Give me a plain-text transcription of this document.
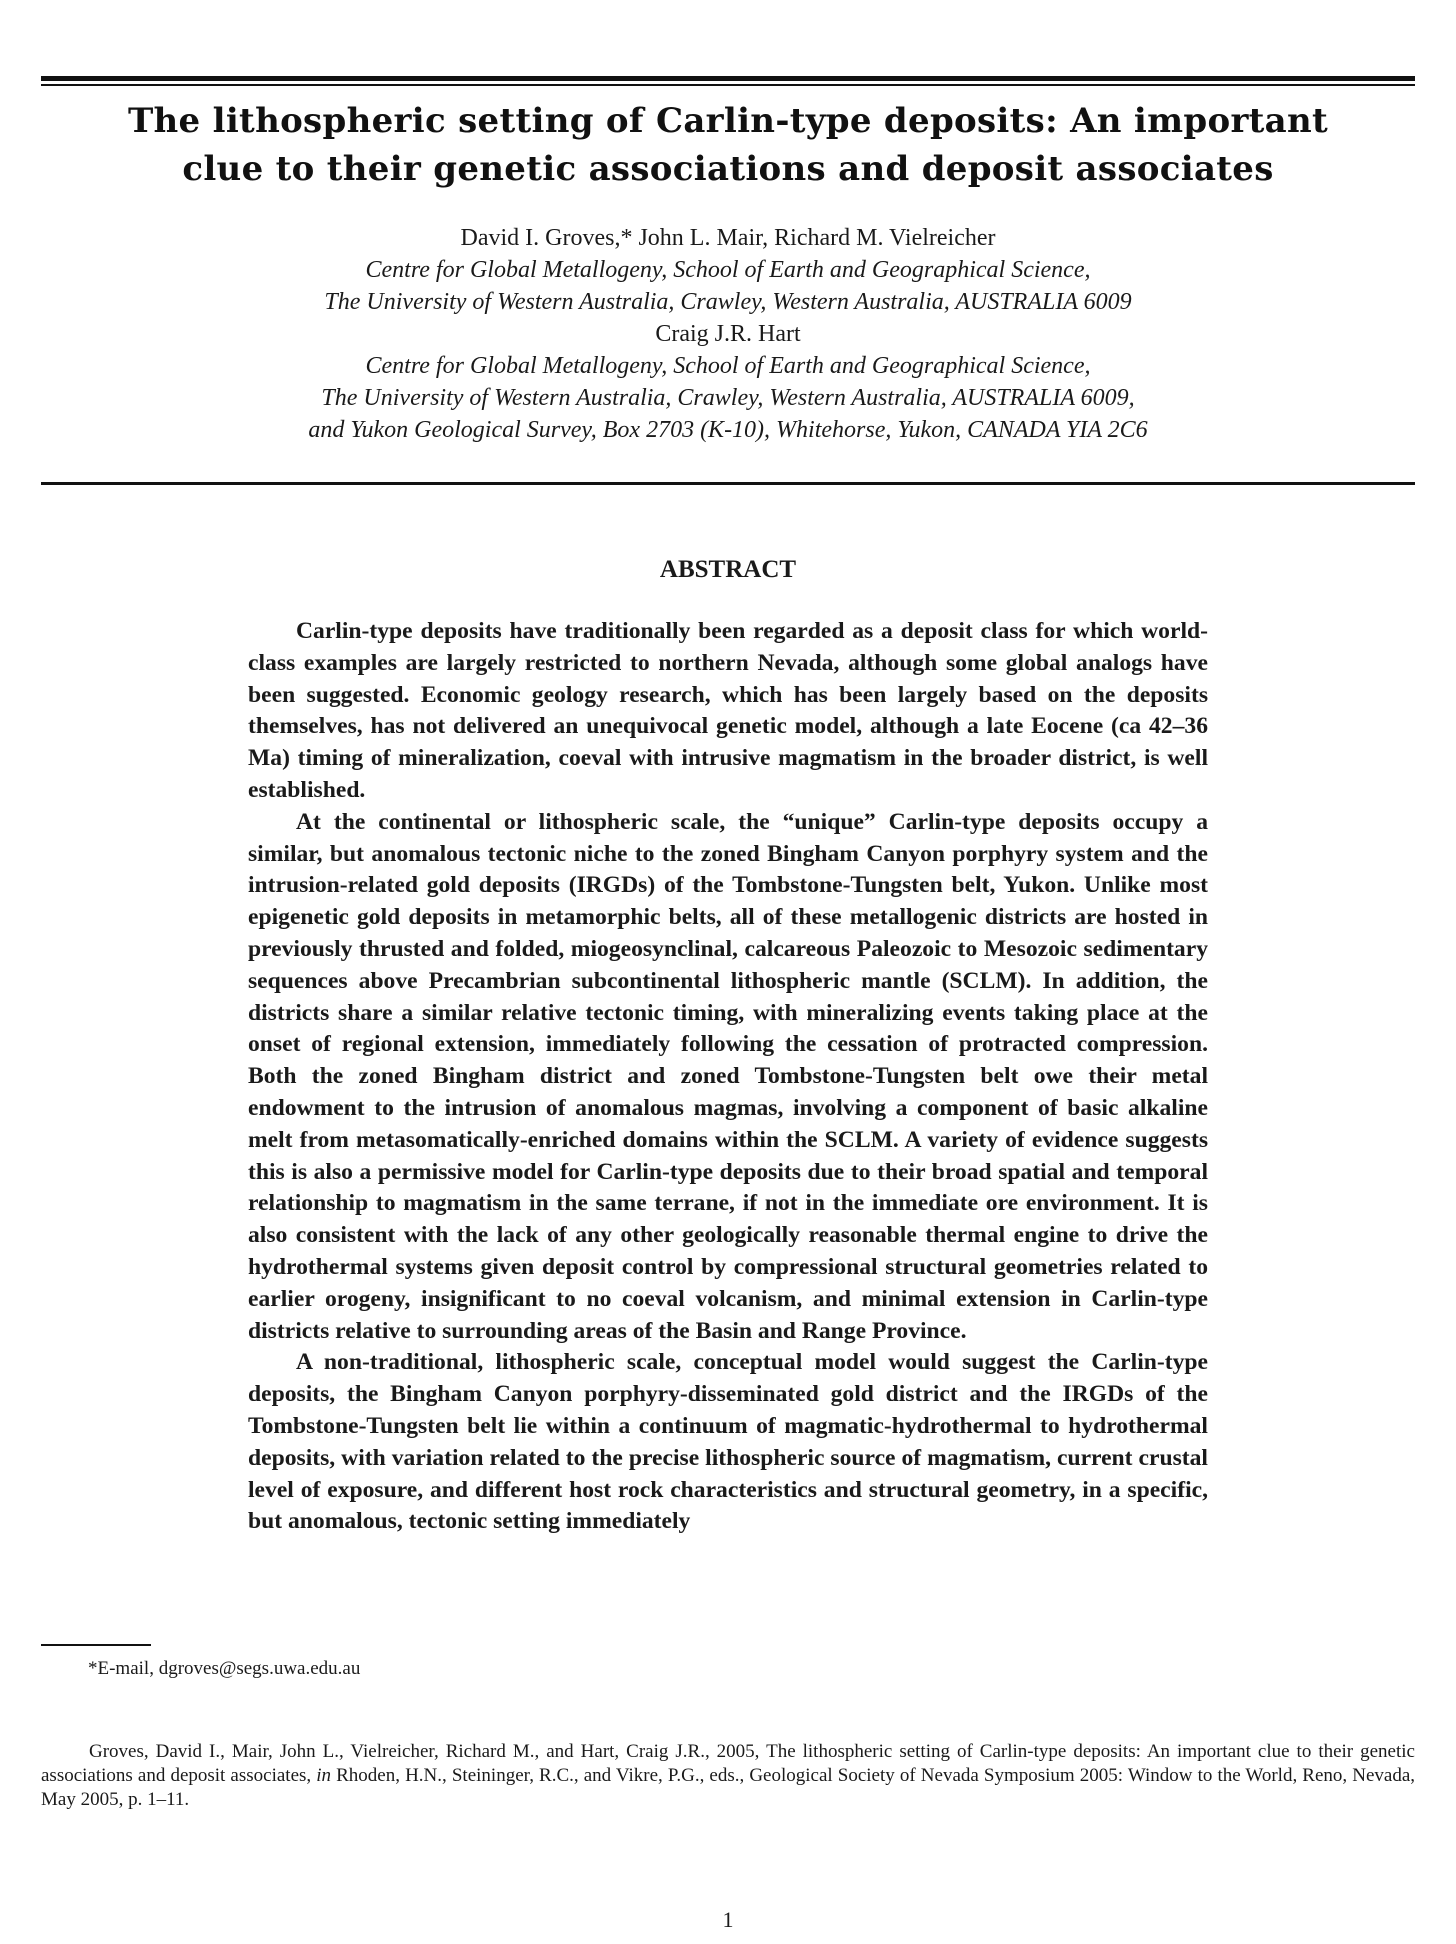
The lithospheric setting of Carlin-type deposits: An important
clue to their genetic associations and deposit associates
David I. Groves,* John L. Mair, Richard M. Vielreicher
Centre for Global Metallogeny, School of Earth and Geographical Science,
The University of Western Australia, Crawley, Western Australia, AUSTRALIA 6009
Craig J.R. Hart
Centre for Global Metallogeny, School of Earth and Geographical Science,
The University of Western Australia, Crawley, Western Australia, AUSTRALIA 6009,
and Yukon Geological Survey, Box 2703 (K-10), Whitehorse, Yukon, CANADA YIA 2C6
ABSTRACT

Carlin-type deposits have traditionally been regarded as a deposit class for which world-class examples are largely restricted to northern Nevada, although some global analogs have been suggested. Economic geology research, which has been largely based on the deposits themselves, has not delivered an unequivocal genetic model, although a late Eocene (ca 42–36 Ma) timing of mineralization, coeval with intrusive magmatism in the broader district, is well established.

At the continental or lithospheric scale, the “unique” Carlin-type deposits occupy a similar, but anomalous tectonic niche to the zoned Bingham Canyon porphyry system and the intrusion-related gold deposits (IRGDs) of the Tombstone-Tungsten belt, Yukon. Unlike most epigenetic gold deposits in metamorphic belts, all of these metallogenic districts are hosted in previously thrusted and folded, miogeosynclinal, calcareous Paleozoic to Mesozoic sedimentary sequences above Precambrian subcontinental lithospheric mantle (SCLM). In addition, the districts share a similar relative tectonic timing, with mineralizing events taking place at the onset of regional extension, immediately following the cessation of protracted compression. Both the zoned Bingham district and zoned Tombstone-Tungsten belt owe their metal endowment to the intrusion of anomalous magmas, involving a component of basic alkaline melt from metasomatically-enriched domains within the SCLM. A variety of evidence suggests this is also a permissive model for Carlin-type deposits due to their broad spatial and temporal relationship to magmatism in the same terrane, if not in the immediate ore environment. It is also consistent with the lack of any other geologically reasonable thermal engine to drive the hydrothermal systems given deposit control by compressional structural geometries related to earlier orogeny, insignificant to no coeval volcanism, and minimal extension in Carlin-type districts relative to surrounding areas of the Basin and Range Province.

A non-traditional, lithospheric scale, conceptual model would suggest the Carlin-type deposits, the Bingham Canyon porphyry-disseminated gold district and the IRGDs of the Tombstone-Tungsten belt lie within a continuum of magmatic-hydrothermal to hydrothermal deposits, with variation related to the precise lithospheric source of magmatism, current crustal level of exposure, and different host rock characteristics and structural geometry, in a specific, but anomalous, tectonic setting immediately

*E-mail, dgroves@segs.uwa.edu.au

Groves, David I., Mair, John L., Vielreicher, Richard M., and Hart, Craig J.R., 2005, The lithospheric setting of Carlin-type deposits: An important clue to their genetic associations and deposit associates, in Rhoden, H.N., Steininger, R.C., and Vikre, P.G., eds., Geological Society of Nevada Symposium 2005: Window to the World, Reno, Nevada, May 2005, p. 1–11.

1
